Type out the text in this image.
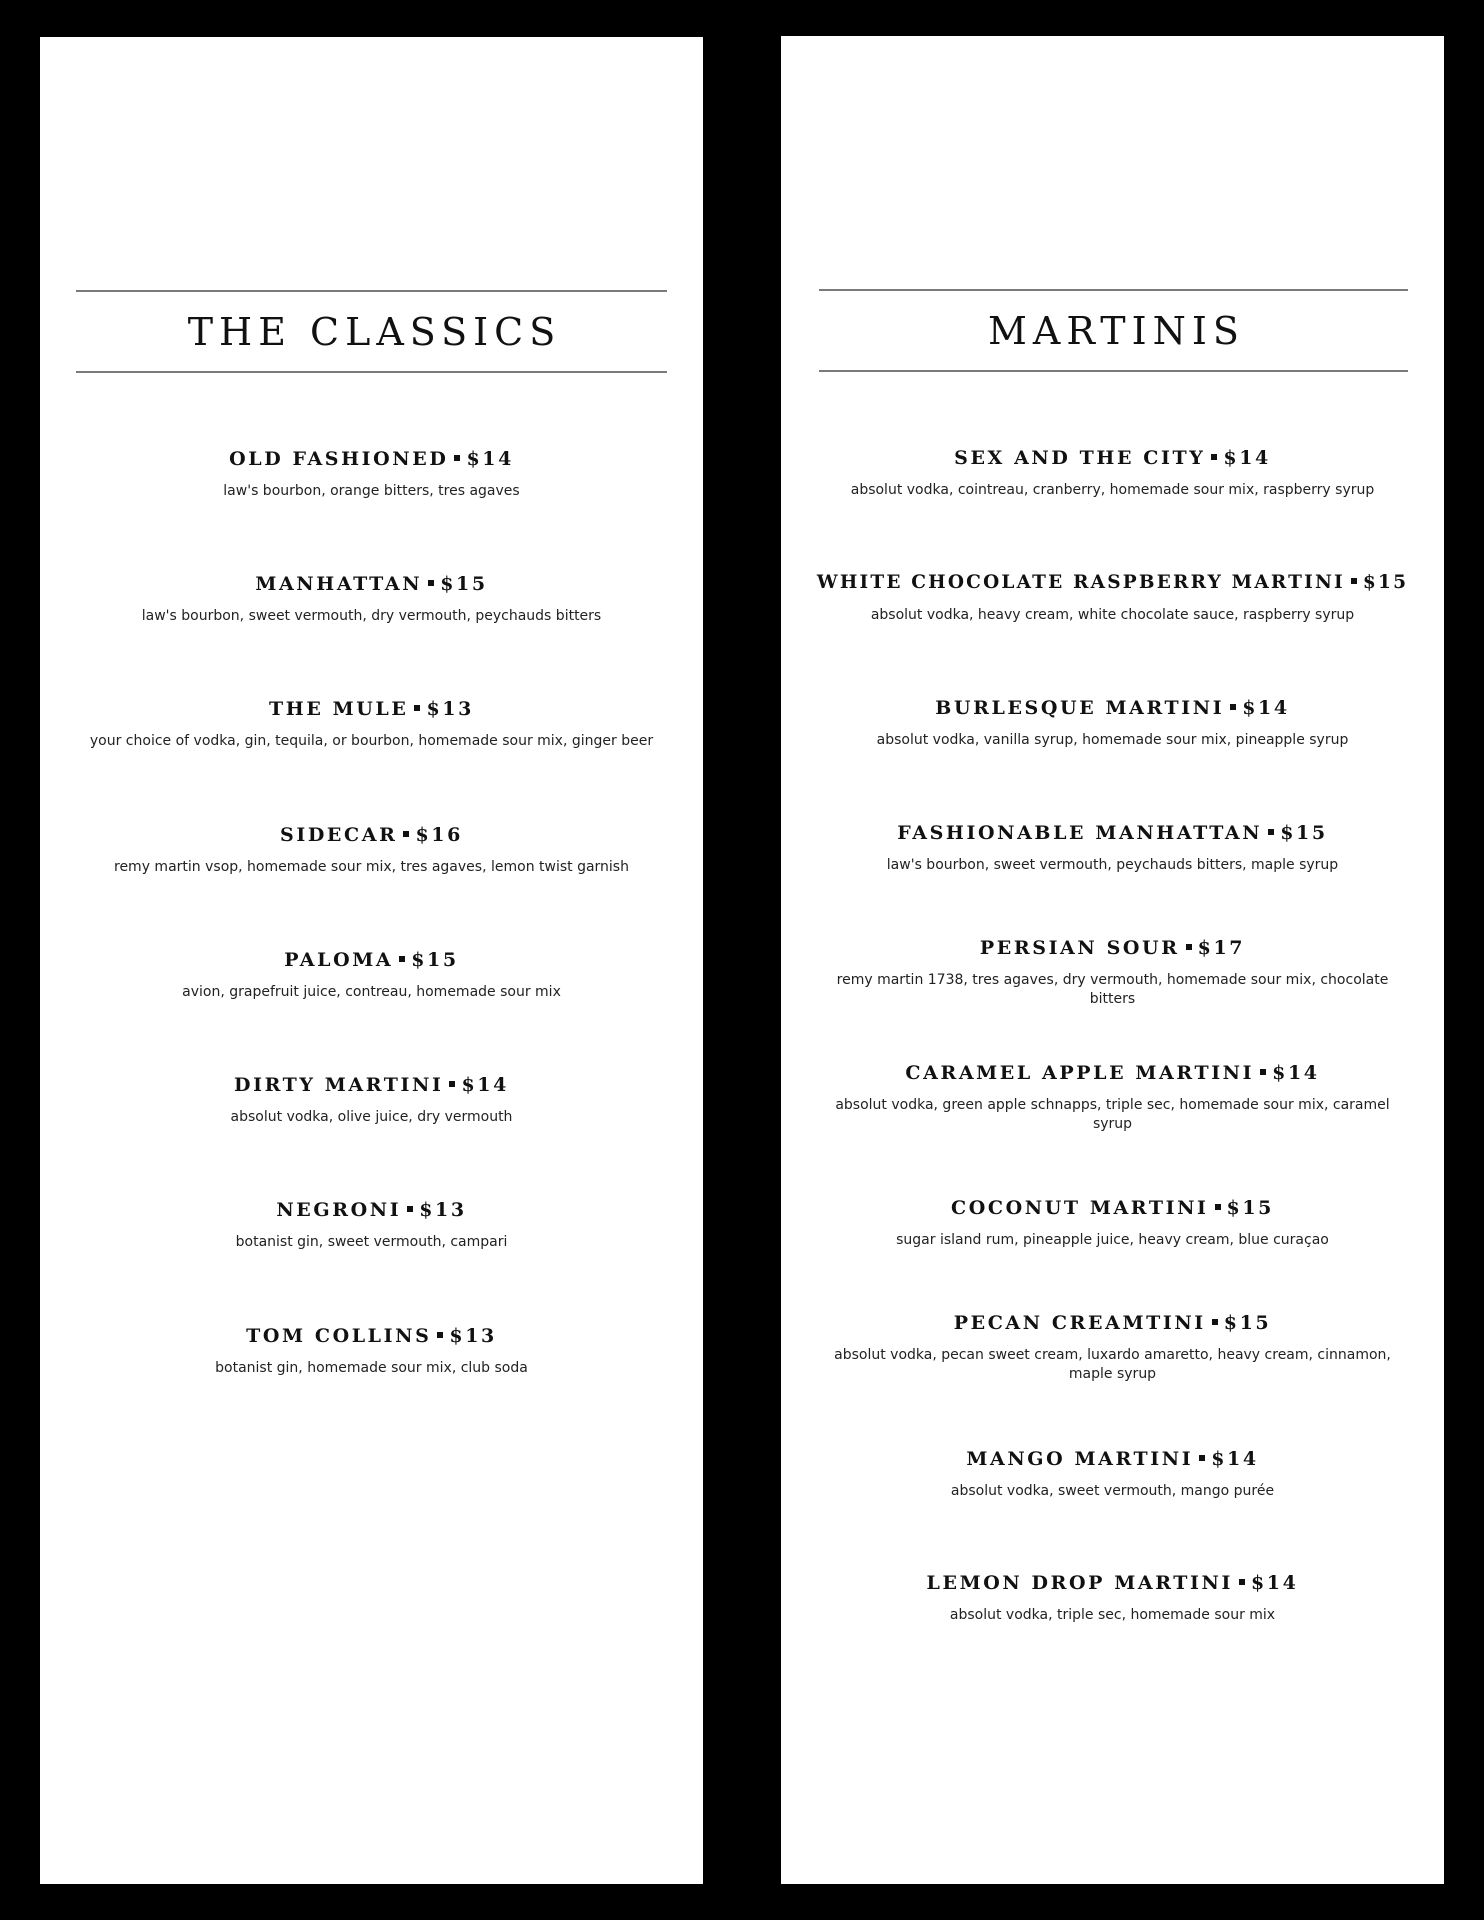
THE CLASSICS
OLD FASHIONED $14
law's bourbon, orange bitters, tres agaves
MANHATTAN $15
law's bourbon, sweet vermouth, dry vermouth, peychauds bitters
THE MULE $13
your choice of vodka, gin, tequila, or bourbon, homemade sour mix, ginger beer
SIDECAR $16
remy martin vsop, homemade sour mix, tres agaves, lemon twist garnish
PALOMA $15
avion, grapefruit juice, contreau, homemade sour mix
DIRTY MARTINI $14
absolut vodka, olive juice, dry vermouth
NEGRONI $13
botanist gin, sweet vermouth, campari
TOM COLLINS $13
botanist gin, homemade sour mix, club soda
MARTINIS
SEX AND THE CITY $14
absolut vodka, cointreau, cranberry, homemade sour mix, raspberry syrup
WHITE CHOCOLATE RASPBERRY MARTINI $15
absolut vodka, heavy cream, white chocolate sauce, raspberry syrup
BURLESQUE MARTINI $14
absolut vodka, vanilla syrup, homemade sour mix, pineapple syrup
FASHIONABLE MANHATTAN $15
law's bourbon, sweet vermouth, peychauds bitters, maple syrup
PERSIAN SOUR $17
remy martin 1738, tres agaves, dry vermouth, homemade sour mix, chocolate bitters
CARAMEL APPLE MARTINI $14
absolut vodka, green apple schnapps, triple sec, homemade sour mix, caramel syrup
COCONUT MARTINI $15
sugar island rum, pineapple juice, heavy cream, blue curaçao
PECAN CREAMTINI $15
absolut vodka, pecan sweet cream, luxardo amaretto, heavy cream, cinnamon, maple syrup
MANGO MARTINI $14
absolut vodka, sweet vermouth, mango purée
LEMON DROP MARTINI $14
absolut vodka, triple sec, homemade sour mix
